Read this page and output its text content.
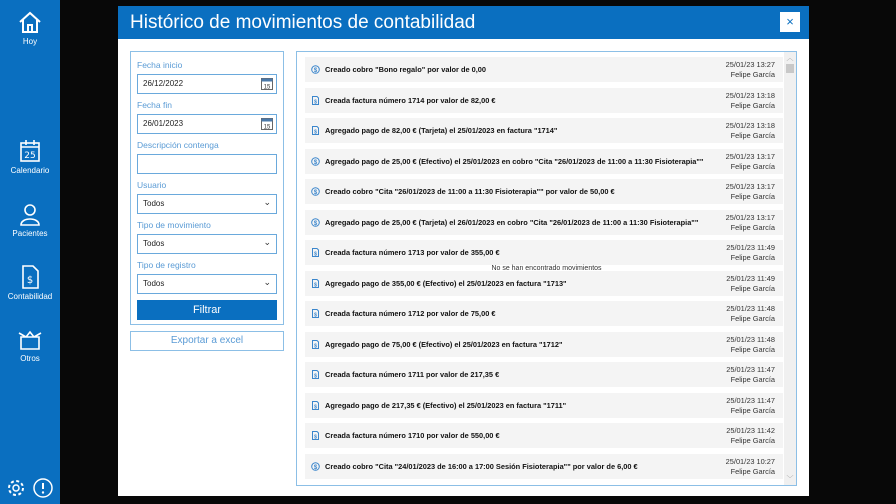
Hoy
25
Calendario
Pacientes
$
Contabilidad
Otros
Histórico de movimientos de contabilidad	×
Fecha inicio
26/12/2022	15
Fecha fin
26/01/2023	15
Descripción contenga
Usuario
Todos	⌄
Tipo de movimiento
Todos	⌄
Tipo de registro
Todos	⌄
Filtrar
Exportar a excel
$ Creado cobro "Bono regalo" por valor de 0,00
25/01/23 13:27
Felipe García
$ Creada factura número 1714 por valor de 82,00 €
25/01/23 13:18
Felipe García
$ Agregado pago de 82,00 € (Tarjeta) el 25/01/2023 en factura "1714"
25/01/23 13:18
Felipe García
$ Agregado pago de 25,00 € (Efectivo) el 25/01/2023 en cobro "Cita "26/01/2023 de 11:00 a 11:30 Fisioterapia""
25/01/23 13:17
Felipe García
$ Creado cobro "Cita "26/01/2023 de 11:00 a 11:30 Fisioterapia"" por valor de 50,00 €
25/01/23 13:17
Felipe García
$ Agregado pago de 25,00 € (Tarjeta) el 26/01/2023 en cobro "Cita "26/01/2023 de 11:00 a 11:30 Fisioterapia""
25/01/23 13:17
Felipe García
$ Creada factura número 1713 por valor de 355,00 €
25/01/23 11:49
Felipe García
$ Agregado pago de 355,00 € (Efectivo) el 25/01/2023 en factura "1713"
25/01/23 11:49
Felipe García
$ Creada factura número 1712 por valor de 75,00 €
25/01/23 11:48
Felipe García
$ Agregado pago de 75,00 € (Efectivo) el 25/01/2023 en factura "1712"
25/01/23 11:48
Felipe García
$ Creada factura número 1711 por valor de 217,35 €
25/01/23 11:47
Felipe García
$ Agregado pago de 217,35 € (Efectivo) el 25/01/2023 en factura "1711"
25/01/23 11:47
Felipe García
$ Creada factura número 1710 por valor de 550,00 €
25/01/23 11:42
Felipe García
$ Creado cobro "Cita "24/01/2023 de 16:00 a 17:00 Sesión Fisioterapia"" por valor de 6,00 €
25/01/23 10:27
Felipe García
No se han encontrado movimientos
︿
﹀
